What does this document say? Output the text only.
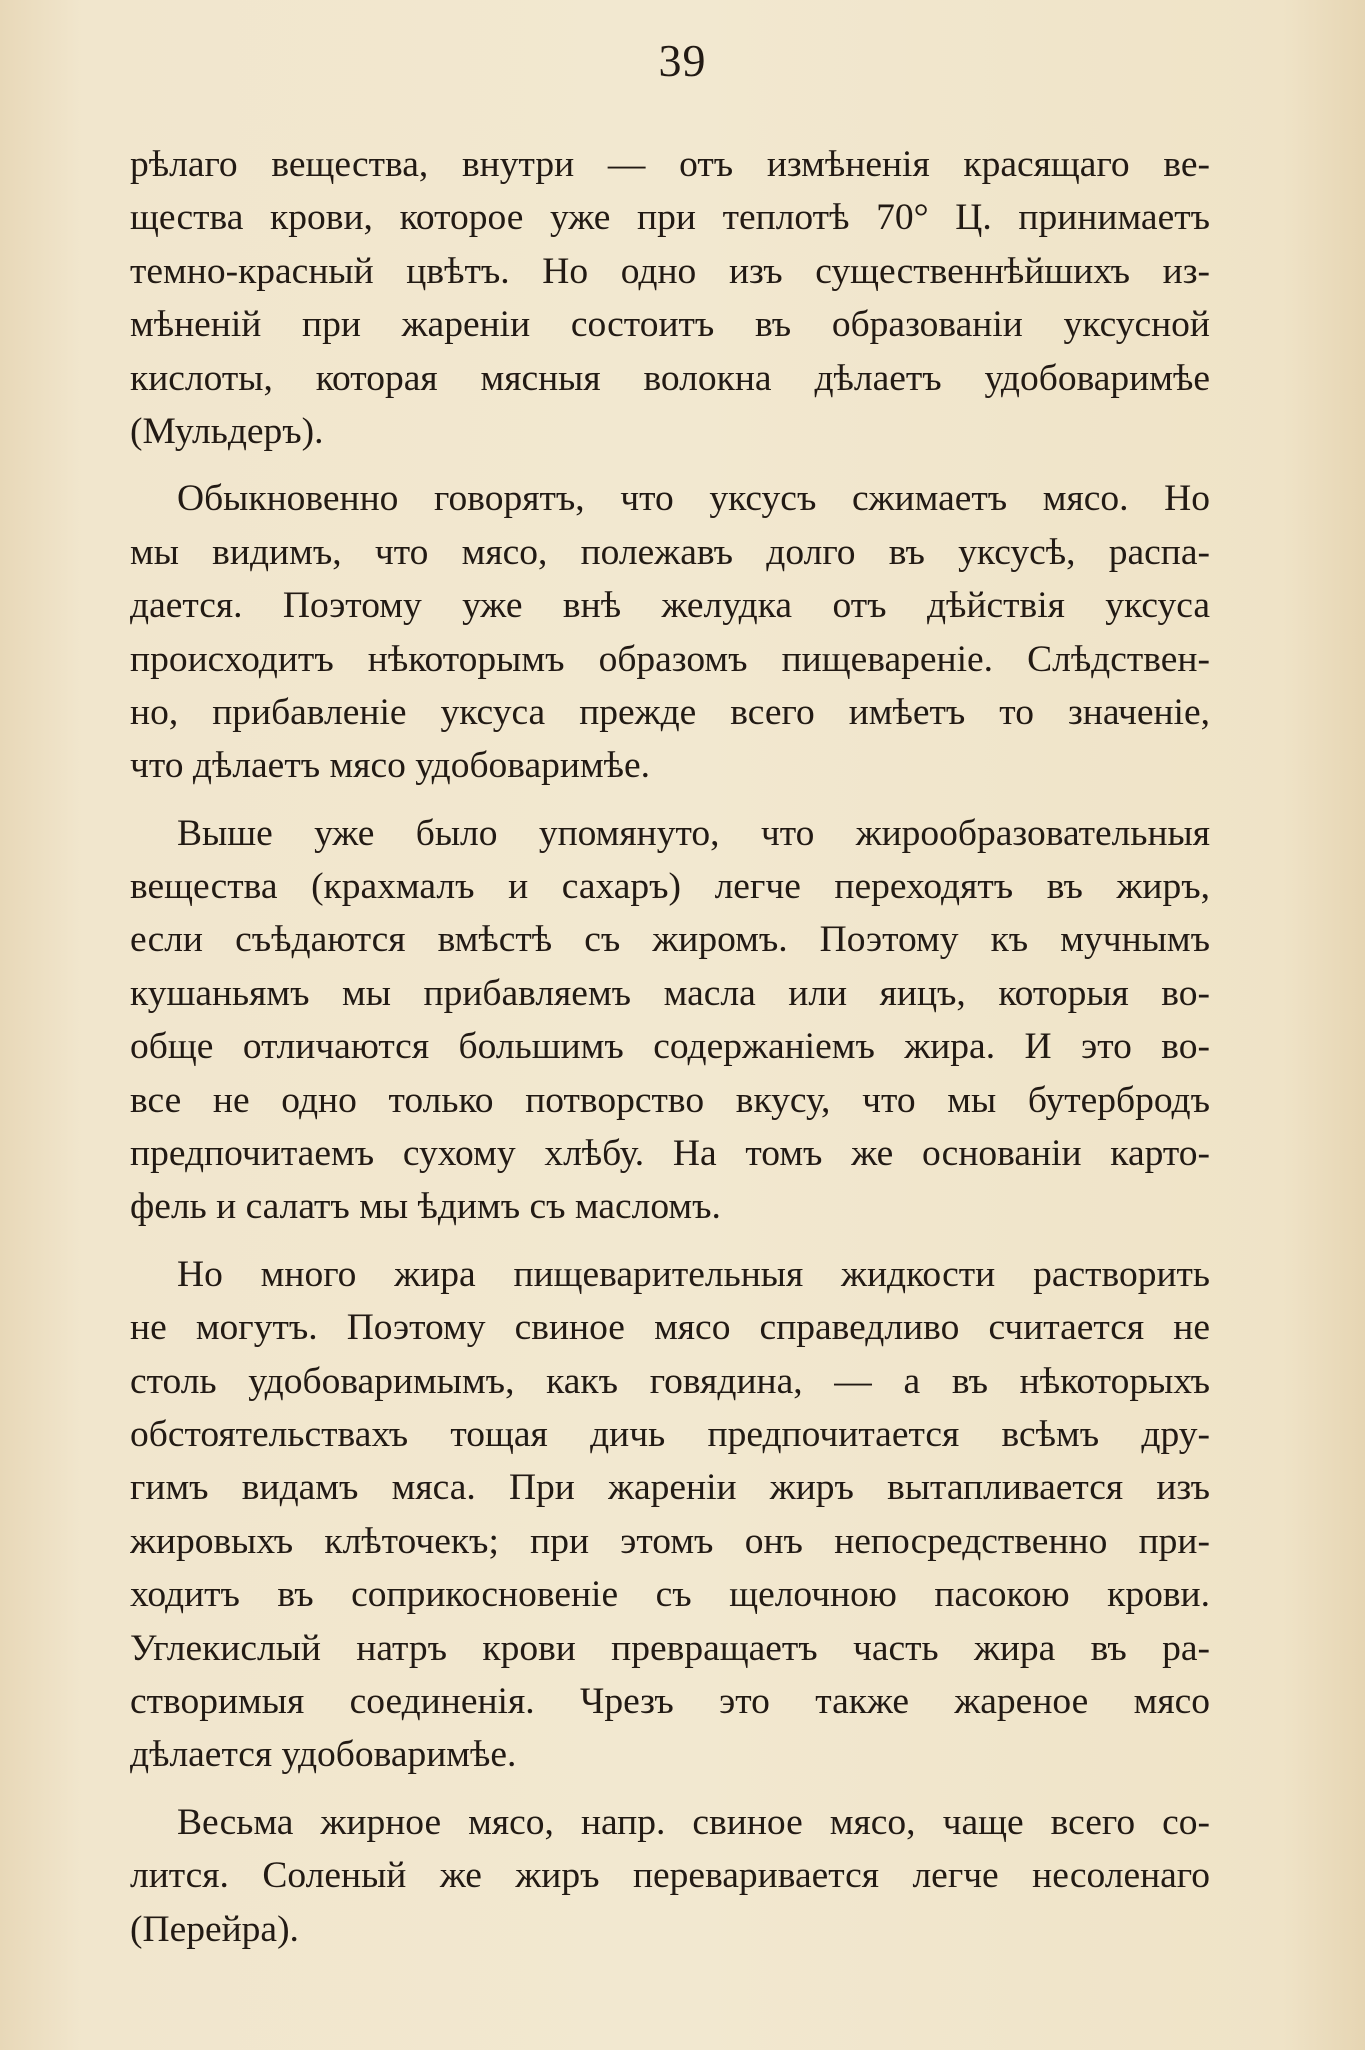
39
рѣлаго вещества, внутри — отъ измѣненія красящаго ве-
щества крови, которое уже при теплотѣ 70° Ц. принимаетъ
темно-красный цвѣтъ. Но одно изъ существеннѣйшихъ из-
мѣненій при жареніи состоитъ въ образованіи уксусной
кислоты, которая мясныя волокна дѣлаетъ удобоваримѣе
(Мульдеръ).
Обыкновенно говорятъ, что уксусъ сжимаетъ мясо. Но
мы видимъ, что мясо, полежавъ долго въ уксусѣ, распа-
дается. Поэтому уже внѣ желудка отъ дѣйствія уксуса
происходитъ нѣкоторымъ образомъ пищевареніе. Слѣдствен-
но, прибавленіе уксуса прежде всего имѣетъ то значеніе,
что дѣлаетъ мясо удобоваримѣе.
Выше уже было упомянуто, что жирообразовательныя
вещества (крахмалъ и сахаръ) легче переходятъ въ жиръ,
если съѣдаются вмѣстѣ съ жиромъ. Поэтому къ мучнымъ
кушаньямъ мы прибавляемъ масла или яицъ, которыя во-
обще отличаются большимъ содержаніемъ жира. И это во-
все не одно только потворство вкусу, что мы бутербродъ
предпочитаемъ сухому хлѣбу. На томъ же основаніи карто-
фель и салатъ мы ѣдимъ съ масломъ.
Но много жира пищеварительныя жидкости растворить
не могутъ. Поэтому свиное мясо справедливо считается не
столь удобоваримымъ, какъ говядина, — а въ нѣкоторыхъ
обстоятельствахъ тощая дичь предпочитается всѣмъ дру-
гимъ видамъ мяса. При жареніи жиръ вытапливается изъ
жировыхъ клѣточекъ; при этомъ онъ непосредственно при-
ходитъ въ соприкосновеніе съ щелочною пасокою крови.
Углекислый натръ крови превращаетъ часть жира въ ра-
створимыя соединенія. Чрезъ это также жареное мясо
дѣлается удобоваримѣе.
Весьма жирное мясо, напр. свиное мясо, чаще всего со-
лится. Соленый же жиръ переваривается легче несоленаго
(Перейра).
